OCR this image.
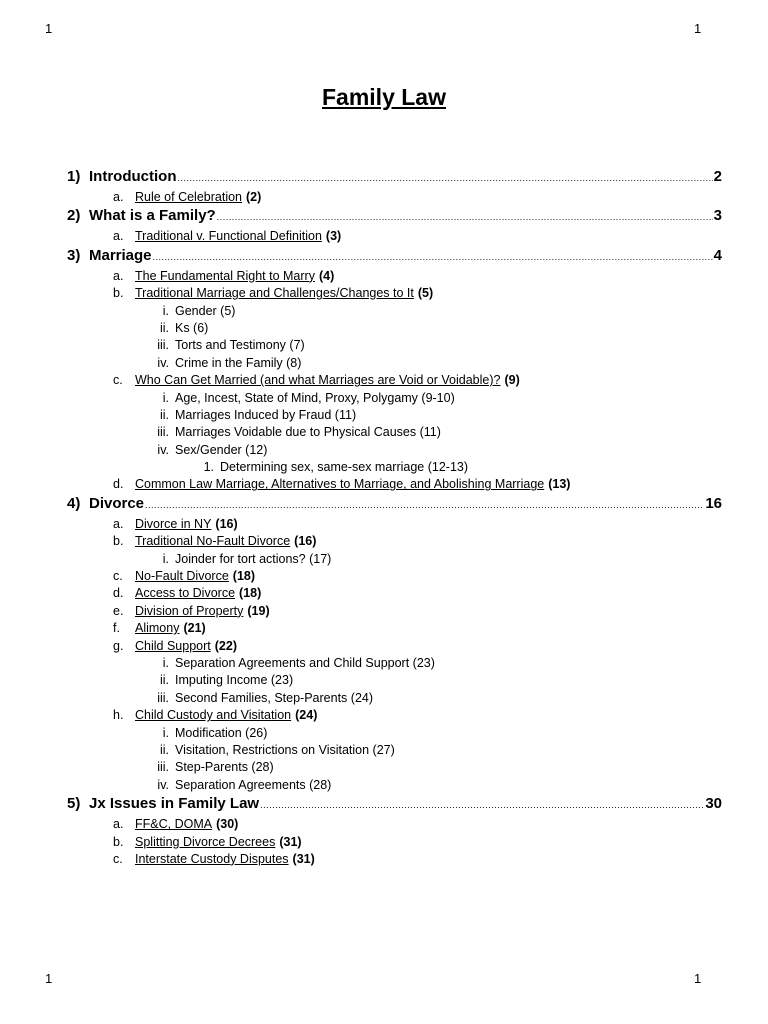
1	1
Family Law
1) Introduction .....	2
a. Rule of Celebration (2)
2) What is a Family? .....	3
a. Traditional v. Functional Definition (3)
3) Marriage .....	4
a. The Fundamental Right to Marry (4)
b. Traditional Marriage and Challenges/Changes to It (5)
i. Gender (5)
ii. Ks (6)
iii. Torts and Testimony (7)
iv. Crime in the Family (8)
c. Who Can Get Married (and what Marriages are Void or Voidable)? (9)
i. Age, Incest, State of Mind, Proxy, Polygamy (9-10)
ii. Marriages Induced by Fraud (11)
iii. Marriages Voidable due to Physical Causes (11)
iv. Sex/Gender (12)
1. Determining sex, same-sex marriage (12-13)
d. Common Law Marriage, Alternatives to Marriage, and Abolishing Marriage (13)
4) Divorce .....	16
a. Divorce in NY (16)
b. Traditional No-Fault Divorce (16)
i. Joinder for tort actions? (17)
c. No-Fault Divorce (18)
d. Access to Divorce (18)
e. Division of Property (19)
f.	Alimony (21)
g. Child Support (22)
i. Separation Agreements and Child Support (23)
ii. Imputing Income (23)
iii. Second Families, Step-Parents (24)
h. Child Custody and Visitation (24)
i. Modification (26)
ii. Visitation, Restrictions on Visitation (27)
iii. Step-Parents (28)
iv. Separation Agreements (28)
5) Jx Issues in Family Law .....	30
a. FF&C, DOMA (30)
b. Splitting Divorce Decrees (31)
c. Interstate Custody Disputes (31)
1	1
